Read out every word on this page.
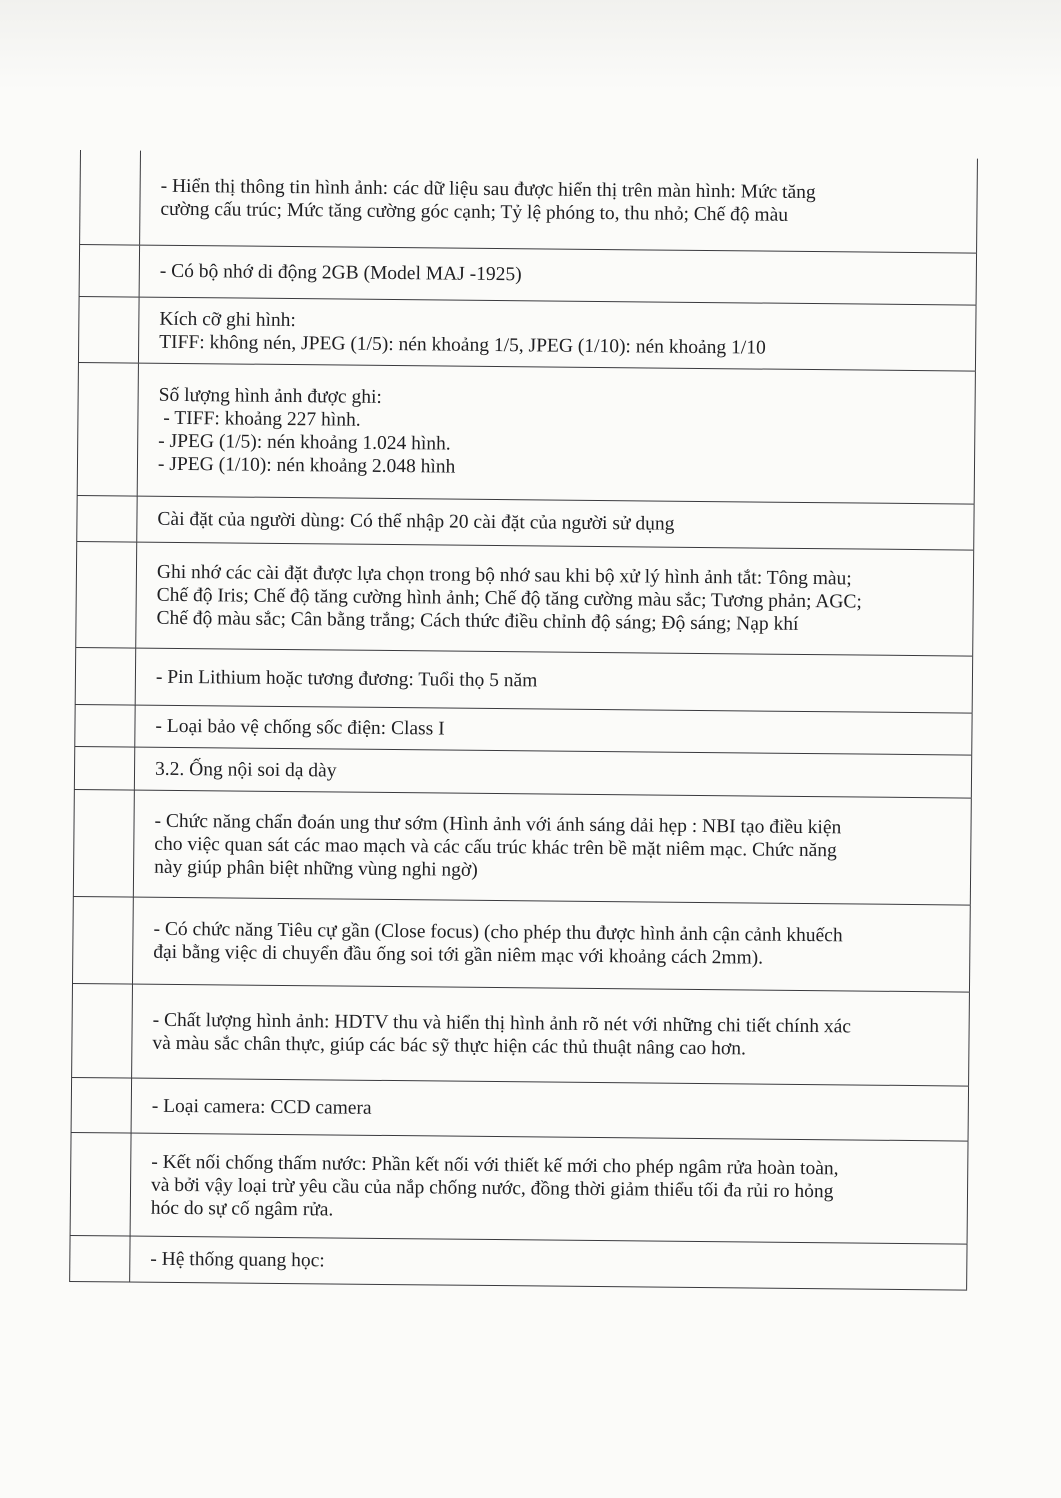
- Hiển thị thông tin hình ảnh: các dữ liệu sau được hiển thị trên màn hình: Mức tăng
cường cấu trúc; Mức tăng cường góc cạnh; Tỷ lệ phóng to, thu nhỏ; Chế độ màu
- Có bộ nhớ di động 2GB (Model MAJ -1925)
Kích cỡ ghi hình:
TIFF: không nén, JPEG (1/5): nén khoảng 1/5, JPEG (1/10): nén khoảng 1/10
Số lượng hình ảnh được ghi:
- TIFF: khoảng 227 hình.
- JPEG (1/5): nén khoảng 1.024 hình.
- JPEG (1/10): nén khoảng 2.048 hình
Cài đặt của người dùng: Có thể nhập 20 cài đặt của người sử dụng
Ghi nhớ các cài đặt được lựa chọn trong bộ nhớ sau khi bộ xử lý hình ảnh tắt: Tông màu;
Chế độ Iris; Chế độ tăng cường hình ảnh; Chế độ tăng cường màu sắc; Tương phản; AGC;
Chế độ màu sắc; Cân bằng trắng; Cách thức điều chỉnh độ sáng; Độ sáng; Nạp khí
- Pin Lithium hoặc tương đương: Tuổi thọ 5 năm
- Loại bảo vệ chống sốc điện: Class I
3.2. Ống nội soi dạ dày
- Chức năng chẩn đoán ung thư sớm (Hình ảnh với ánh sáng dải hẹp : NBI tạo điều kiện
cho việc quan sát các mao mạch và các cấu trúc khác trên bề mặt niêm mạc. Chức năng
này giúp phân biệt những vùng nghi ngờ)
- Có chức năng Tiêu cự gần (Close focus) (cho phép thu được hình ảnh cận cảnh khuếch
đại bằng việc di chuyển đầu ống soi tới gần niêm mạc với khoảng cách 2mm).
- Chất lượng hình ảnh: HDTV thu và hiển thị hình ảnh rõ nét với những chi tiết chính xác
và màu sắc chân thực, giúp các bác sỹ thực hiện các thủ thuật nâng cao hơn.
- Loại camera: CCD camera
- Kết nối chống thấm nước: Phần kết nối với thiết kế mới cho phép ngâm rửa hoàn toàn,
và bởi vậy loại trừ yêu cầu của nắp chống nước, đồng thời giảm thiểu tối đa rủi ro hỏng
hóc do sự cố ngâm rửa.
- Hệ thống quang học:
